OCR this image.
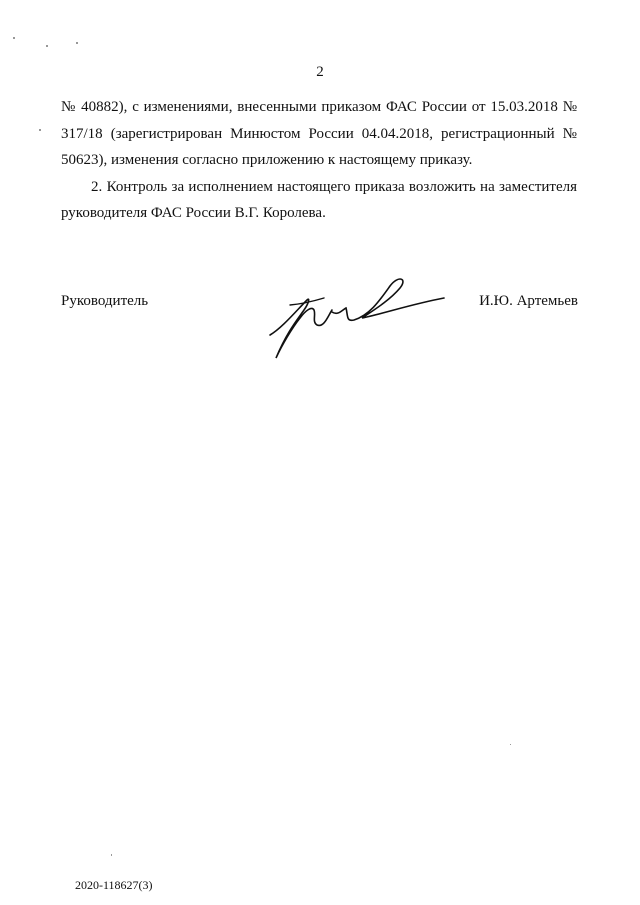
2

№ 40882), с изменениями, внесенными приказом ФАС России от 15.03.2018 № 317/18 (зарегистрирован Минюстом России 04.04.2018, регистрационный № 50623), изменения согласно приложению к настоящему приказу.

2. Контроль за исполнением настоящего приказа возложить на заместителя руководителя ФАС России В.Г. Королева.

Руководитель	И.Ю. Артемьев
2020-118627(3)
